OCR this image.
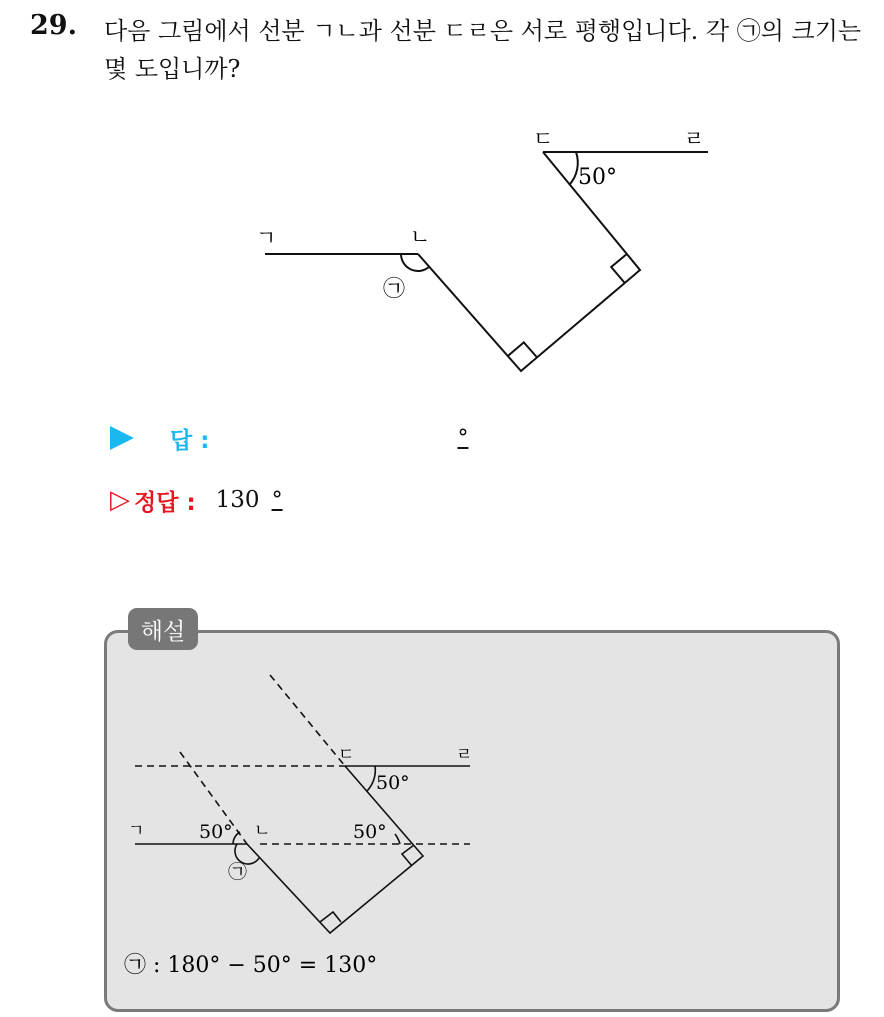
29. 다음 그림에서 선분 ㄱㄴ과 선분 ㄷㄹ은 서로 평행입니다. 각 ㉠의 크기는 몇 도입니까?
ㄱ	ㄴ
ㄷ	ㄹ
㉠
50°
답 :	°
▷ 정답 : 130 °
해설
ㄱ	ㄴ
ㄷ	ㄹ
50°
50°	50°
㉠
㉠ : 180° − 50° = 130°
